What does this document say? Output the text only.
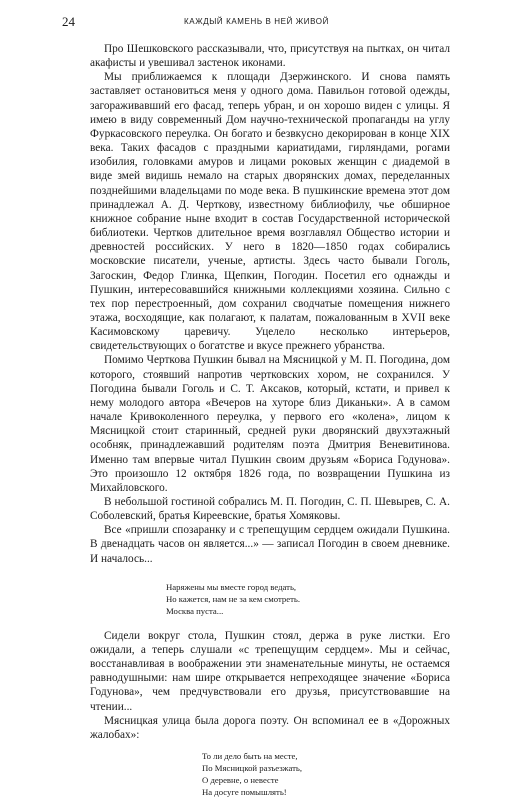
24	КАЖДЫЙ КАМЕНЬ В НЕЙ ЖИВОЙ

Про Шешковского рассказывали, что, присутствуя на пытках, он читал акафисты и увешивал застенок иконами.

Мы приближаемся к площади Дзержинского. И снова память заставляет остановиться меня у одного дома. Павильон готовой одежды, загораживавший его фасад, теперь убран, и он хорошо виден с улицы. Я имею в виду современный Дом научно-технической пропаганды на углу Фуркасовского переулка. Он богато и безвкусно декорирован в конце XIX века. Таких фасадов с праздными кариатидами, гирляндами, рогами изобилия, головками амуров и лицами роковых женщин с диадемой в виде змей видишь немало на старых дворянских домах, переделанных позднейшими владельцами по моде века. В пушкинские времена этот дом принадлежал А. Д. Черткову, известному библиофилу, чье обширное книжное собрание ныне входит в состав Государственной исторической библиотеки. Чертков длительное время возглавлял Общество истории и древностей российских. У него в 1820—1850 годах собирались московские писатели, ученые, артисты. Здесь часто бывали Гоголь, Загоскин, Федор Глинка, Щепкин, Погодин. Посетил его однажды и Пушкин, интересовавшийся книжными коллекциями хозяина. Сильно с тех пор перестроенный, дом сохранил сводчатые помещения нижнего этажа, восходящие, как полагают, к палатам, пожалованным в XVII веке Касимовскому царевичу. Уцелело несколько интерьеров, свидетельствующих о богатстве и вкусе прежнего убранства.

Помимо Черткова Пушкин бывал на Мясницкой у М. П. Погодина, дом которого, стоявший напротив чертковских хором, не сохранился. У Погодина бывали Гоголь и С. Т. Аксаков, который, кстати, и привел к нему молодого автора «Вечеров на хуторе близ Диканьки». А в самом начале Кривоколенного переулка, у первого его «колена», лицом к Мясницкой стоит старинный, средней руки дворянский двухэтажный особняк, принадлежавший родителям поэта Дмитрия Веневитинова. Именно там впервые читал Пушкин своим друзьям «Бориса Годунова». Это произошло 12 октября 1826 года, по возвращении Пушкина из Михайловского.

В небольшой гостиной собрались М. П. Погодин, С. П. Шевырев, С. А. Соболевский, братья Киреевские, братья Хомяковы.

Все «пришли спозаранку и с трепещущим сердцем ожидали Пушкина. В двенадцать часов он является...» — записал Погодин в своем дневнике. И началось...

Наряжены мы вместе город ведать,
Но кажется, нам не за кем смотреть.
Москва пуста...

Сидели вокруг стола, Пушкин стоял, держа в руке листки. Его ожидали, а теперь слушали «с трепещущим сердцем». Мы и сейчас, восстанавливая в воображении эти знаменательные минуты, не остаемся равнодушными: нам шире открывается непреходящее значение «Бориса Годунова», чем предчувствовали его друзья, присутствовавшие на чтении...

Мясницкая улица была дорога поэту. Он вспоминал ее в «Дорожных жалобах»:

То ли дело быть на месте,
По Мясницкой разъезжать,
О деревне, о невесте
На досуге помышлять!
